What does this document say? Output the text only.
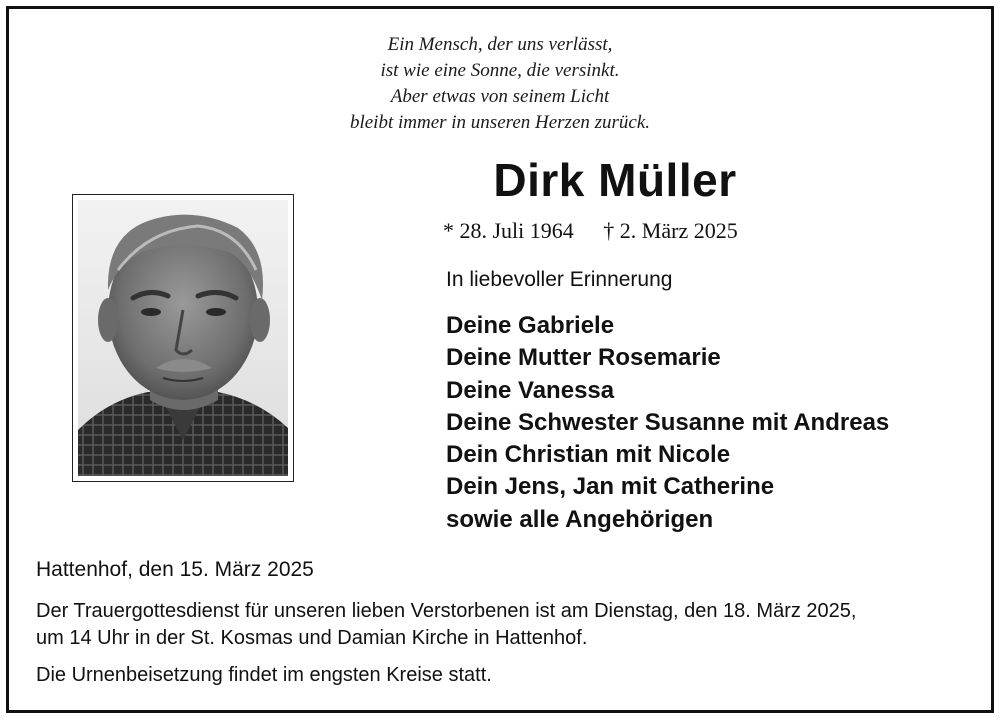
Ein Mensch, der uns verlässt,
ist wie eine Sonne, die versinkt.
Aber etwas von seinem Licht
bleibt immer in unseren Herzen zurück.
Dirk Müller
* 28. Juli 1964 † 2. März 2025
In liebevoller Erinnerung
Deine Gabriele
Deine Mutter Rosemarie
Deine Vanessa
Deine Schwester Susanne mit Andreas
Dein Christian mit Nicole
Dein Jens, Jan mit Catherine
sowie alle Angehörigen
Hattenhof, den 15. März 2025
Der Trauergottesdienst für unseren lieben Verstorbenen ist am Dienstag, den 18. März 2025,
um 14 Uhr in der St. Kosmas und Damian Kirche in Hattenhof.
Die Urnenbeisetzung findet im engsten Kreise statt.
